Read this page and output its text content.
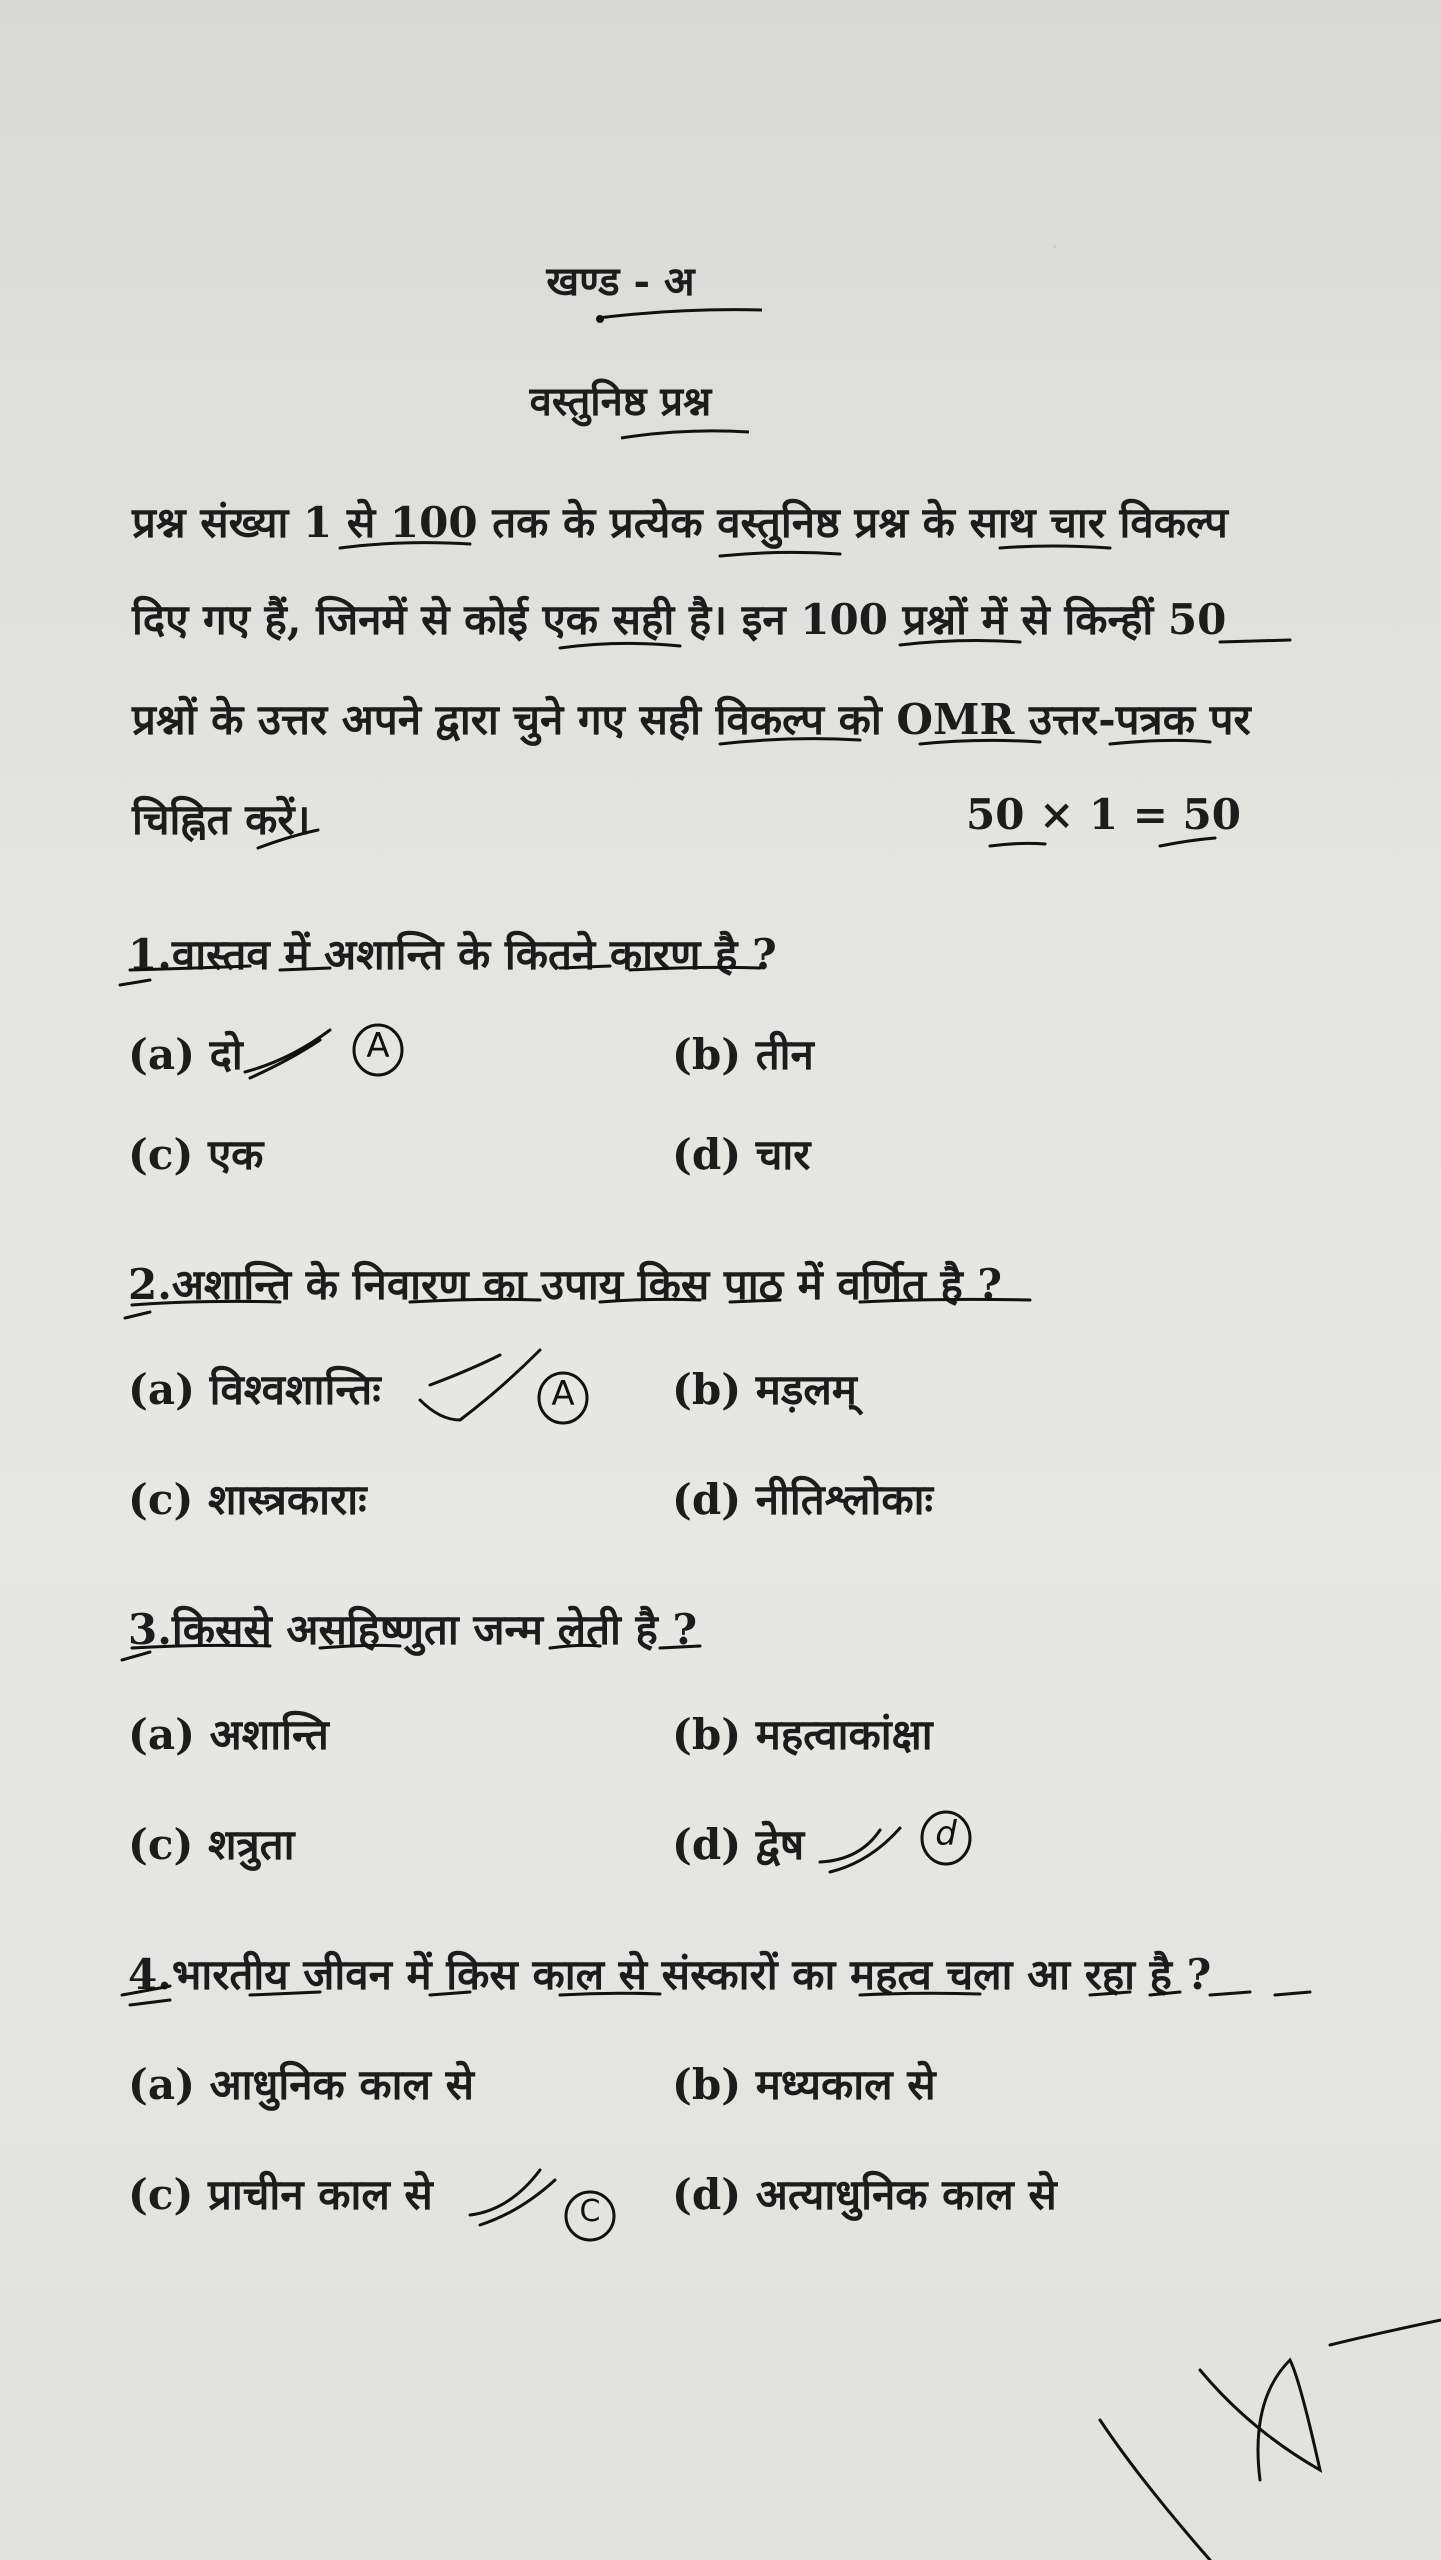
·
खण्ड - अ
वस्तुनिष्ठ प्रश्न
प्रश्न संख्या 1 से 100 तक के प्रत्येक वस्तुनिष्ठ प्रश्न के साथ चार विकल्प
दिए गए हैं, जिनमें से कोई एक सही है। इन 100 प्रश्नों में से किन्हीं 50
प्रश्नों के उत्तर अपने द्वारा चुने गए सही विकल्प को OMR उत्तर-पत्रक पर
चिह्नित करें।	50 × 1 = 50
1.वास्तव में अशान्ति के कितने कारण है ?
(a) दो	(b) तीन
(c) एक	(d) चार
2.अशान्ति के निवारण का उपाय किस पाठ में वर्णित है ?
(a) विश्वशान्तिः	(b) मड़लम्
(c) शास्त्रकाराः	(d) नीतिश्लोकाः
3.किससे असहिष्णुता जन्म लेती है ?
(a) अशान्ति	(b) महत्वाकांक्षा
(c) शत्रुता	(d) द्वेष
4.भारतीय जीवन में किस काल से संस्कारों का महत्व चला आ रहा है ?
(a) आधुनिक काल से	(b) मध्यकाल से
(c) प्राचीन काल से	(d) अत्याधुनिक काल से
A
A
d
C
